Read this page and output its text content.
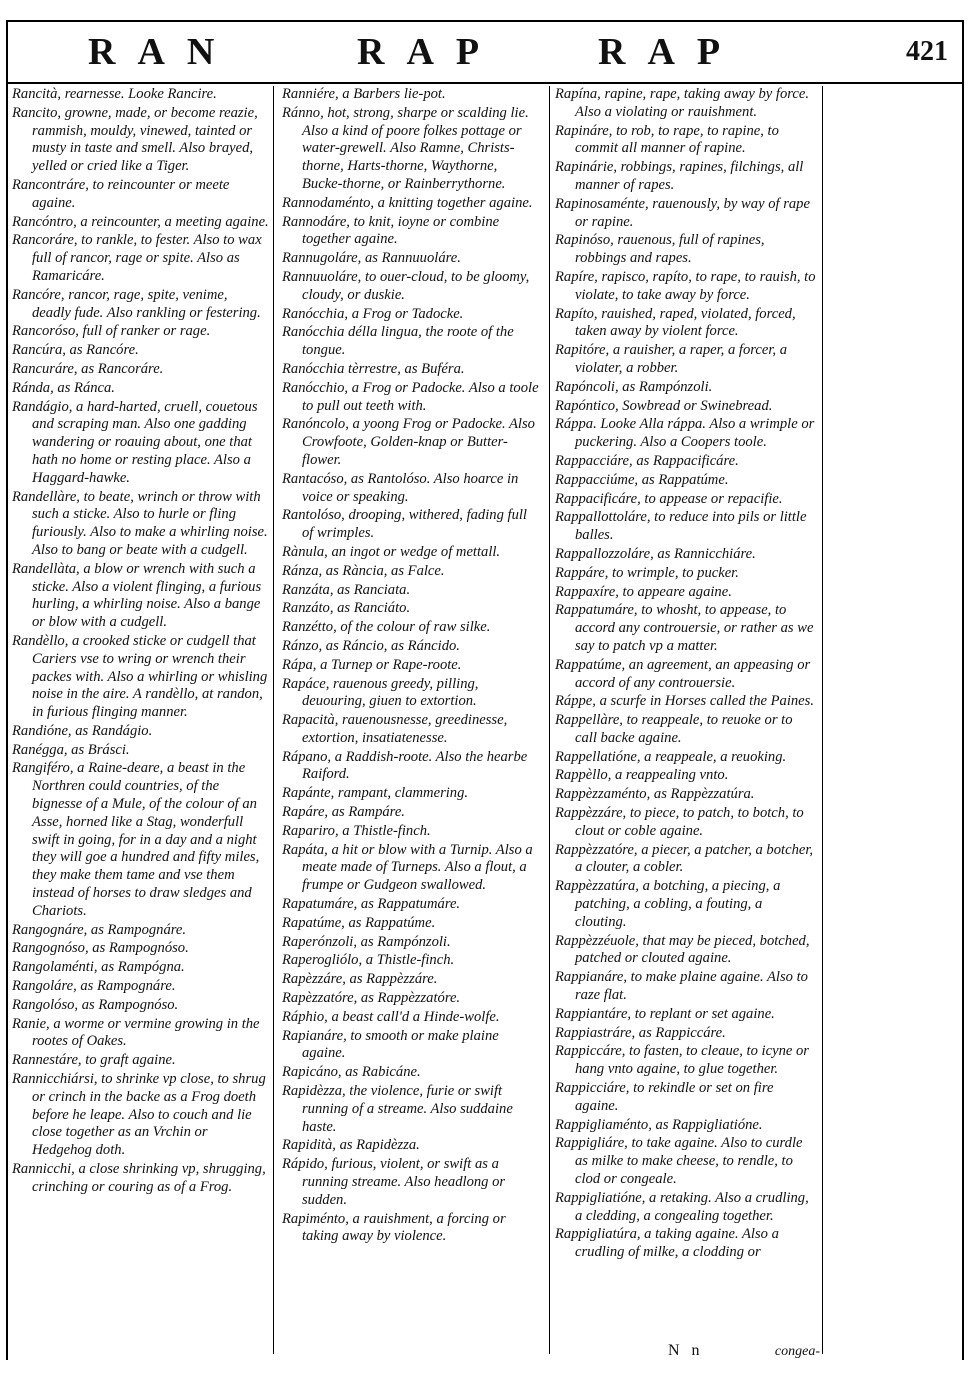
RAN	RAP	RAP	421

Rancità, rearnesse. Looke Rancire.

Rancito, growne, made, or become reazie, rammish, mouldy, vinewed, tainted or musty in taste and smell. Also brayed, yelled or cried like a Tiger.

Rancontráre, to reincounter or meete againe.

Rancóntro, a reincounter, a meeting againe.

Rancoráre, to rankle, to fester. Also to wax full of rancor, rage or spite. Also as Ramaricáre.

Rancóre, rancor, rage, spite, venime, deadly fude. Also rankling or festering.

Rancoróso, full of ranker or rage.

Rancúra, as Rancóre.

Rancuráre, as Rancoráre.

Ránda, as Ránca.

Randágio, a hard-harted, cruell, couetous and scraping man. Also one gadding wandering or roauing about, one that hath no home or resting place. Also a Haggard-hawke.

Randellàre, to beate, wrinch or throw with such a sticke. Also to hurle or fling furiously. Also to make a whirling noise. Also to bang or beate with a cudgell.

Randellàta, a blow or wrench with such a sticke. Also a violent flinging, a furious hurling, a whirling noise. Also a bange or blow with a cudgell.

Randèllo, a crooked sticke or cudgell that Cariers vse to wring or wrench their packes with. Also a whirling or whisling noise in the aire. A randèllo, at randon, in furious flinging manner.

Randióne, as Randágio.

Ranégga, as Brásci.

Rangiféro, a Raine-deare, a beast in the Northren could countries, of the bignesse of a Mule, of the colour of an Asse, horned like a Stag, wonderfull swift in going, for in a day and a night they will goe a hundred and fifty miles, they make them tame and vse them instead of horses to draw sledges and Chariots.

Rangognáre, as Rampognáre.

Rangognóso, as Rampognóso.

Rangolaménti, as Rampógna.

Rangoláre, as Rampognáre.

Rangolóso, as Rampognóso.

Ranie, a worme or vermine growing in the rootes of Oakes.

Rannestáre, to graft againe.

Rannicchiársi, to shrinke vp close, to shrug or crinch in the backe as a Frog doeth before he leape. Also to couch and lie close together as an Vrchin or Hedgehog doth.

Rannicchi, a close shrinking vp, shrugging, crinching or couring as of a Frog.

Ranniére, a Barbers lie-pot.

Ránno, hot, strong, sharpe or scalding lie. Also a kind of poore folkes pottage or water-grewell. Also Ramne, Christs-thorne, Harts-thorne, Waythorne, Bucke-thorne, or Rainberrythorne.

Rannodaménto, a knitting together againe.

Rannodáre, to knit, ioyne or combine together againe.

Rannugoláre, as Rannuuoláre.

Rannuuoláre, to ouer-cloud, to be gloomy, cloudy, or duskie.

Ranócchia, a Frog or Tadocke.

Ranócchia délla lingua, the roote of the tongue.

Ranócchia tèrrestre, as Buféra.

Ranócchio, a Frog or Padocke. Also a toole to pull out teeth with.

Ranóncolo, a yoong Frog or Padocke. Also Crowfoote, Golden-knap or Butter-flower.

Rantacóso, as Rantolóso. Also hoarce in voice or speaking.

Rantolóso, drooping, withered, fading full of wrimples.

Rànula, an ingot or wedge of mettall.

Ránza, as Rància, as Falce.

Ranzáta, as Ranciata.

Ranzáto, as Ranciáto.

Ranzétto, of the colour of raw silke.

Ránzo, as Ráncio, as Ráncido.

Rápa, a Turnep or Rape-roote.

Rapáce, rauenous greedy, pilling, deuouring, giuen to extortion.

Rapacità, rauenousnesse, greedinesse, extortion, insatiatenesse.

Rápano, a Raddish-roote. Also the hearbe Raiford.

Rapánte, rampant, clammering.

Rapáre, as Rampáre.

Rapariro, a Thistle-finch.

Rapáta, a hit or blow with a Turnip. Also a meate made of Turneps. Also a flout, a frumpe or Gudgeon swallowed.

Rapatumáre, as Rappatumáre.

Rapatúme, as Rappatúme.

Raperónzoli, as Rampónzoli.

Raperogliólo, a Thistle-finch.

Rapèzzáre, as Rappèzzáre.

Rapèzzatóre, as Rappèzzatóre.

Ráphio, a beast call'd a Hinde-wolfe.

Rapianáre, to smooth or make plaine againe.

Rapicáno, as Rabicáne.

Rapidèzza, the violence, furie or swift running of a streame. Also suddaine haste.

Rapidità, as Rapidèzza.

Rápido, furious, violent, or swift as a running streame. Also headlong or sudden.

Rapiménto, a rauishment, a forcing or taking away by violence.

Rapína, rapine, rape, taking away by force. Also a violating or rauishment.

Rapináre, to rob, to rape, to rapine, to commit all manner of rapine.

Rapinárie, robbings, rapines, filchings, all manner of rapes.

Rapinosaménte, rauenously, by way of rape or rapine.

Rapinóso, rauenous, full of rapines, robbings and rapes.

Rapíre, rapisco, rapíto, to rape, to rauish, to violate, to take away by force.

Rapíto, rauished, raped, violated, forced, taken away by violent force.

Rapitóre, a rauisher, a raper, a forcer, a violater, a robber.

Rapóncoli, as Rampónzoli.

Rapóntico, Sowbread or Swinebread.

Ráppa. Looke Alla ráppa. Also a wrimple or puckering. Also a Coopers toole.

Rappacciáre, as Rappacificáre.

Rappacciúme, as Rappatúme.

Rappacificáre, to appease or repacifie.

Rappallottoláre, to reduce into pils or little balles.

Rappallozzoláre, as Rannicchiáre.

Rappáre, to wrimple, to pucker.

Rappaxíre, to appeare againe.

Rappatumáre, to whosht, to appease, to accord any controuersie, or rather as we say to patch vp a matter.

Rappatúme, an agreement, an appeasing or accord of any controuersie.

Ráppe, a scurfe in Horses called the Paines.

Rappellàre, to reappeale, to reuoke or to call backe againe.

Rappellatióne, a reappeale, a reuoking.

Rappèllo, a reappealing vnto.

Rappèzzaménto, as Rappèzzatúra.

Rappèzzáre, to piece, to patch, to botch, to clout or coble againe.

Rappèzzatóre, a piecer, a patcher, a botcher, a clouter, a cobler.

Rappèzzatúra, a botching, a piecing, a patching, a cobling, a fouting, a clouting.

Rappèzzéuole, that may be pieced, botched, patched or clouted againe.

Rappianáre, to make plaine againe. Also to raze flat.

Rappiantáre, to replant or set againe.

Rappiastráre, as Rappiccáre.

Rappiccáre, to fasten, to cleaue, to icyne or hang vnto againe, to glue together.

Rappicciáre, to rekindle or set on fire againe.

Rappigliaménto, as Rappigliatióne.

Rappigliáre, to take againe. Also to curdle as milke to make cheese, to rendle, to clod or congeale.

Rappigliatióne, a retaking. Also a crudling, a cledding, a congealing together.

Rappigliatúra, a taking againe. Also a crudling of milke, a clodding or

N n	congea-
